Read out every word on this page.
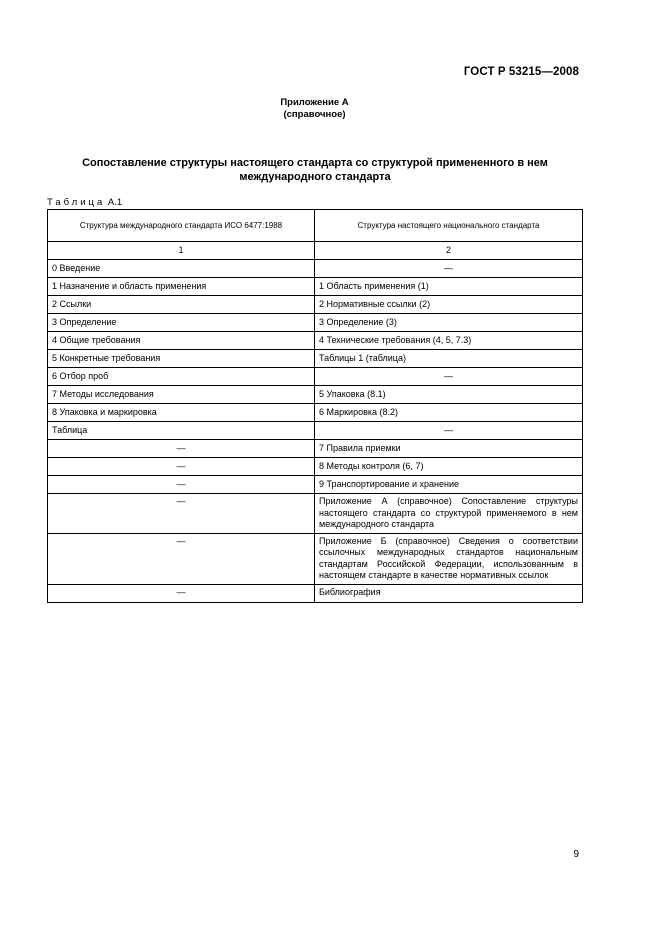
ГОСТ Р 53215—2008
Приложение А
(справочное)
Сопоставление структуры настоящего стандарта со структурой примененного в нем
международного стандарта
Таблица А.1
Структура международного стандарта ИСО 6477:1988	Структура настоящего национального стандарта
1	2
0 Введение	—
1 Назначение и область применения	1 Область применения (1)
2 Ссылки	2 Нормативные ссылки (2)
3 Определение	3 Определение (3)
4 Общие требования	4 Технические требования (4, 5, 7.3)
5 Конкретные требования	Таблицы 1 (таблица)
6 Отбор проб	—
7 Методы исследования	5 Упаковка (8.1)
8 Упаковка и маркировка	6 Маркировка (8.2)
Таблица	—
—	7 Правила приемки
—	8 Методы контроля (6, 7)
—	9 Транспортирование и хранение
—	Приложение А (справочное) Сопоставление структуры настоящего стандарта со структурой применяемого в нем международного стандарта
—	Приложение Б (справочное) Сведения о соответствии ссылочных международных стандартов национальным стандартам Российской Федерации, использованным в настоящем стандарте в качестве нормативных ссылок
—	Библиография
9
